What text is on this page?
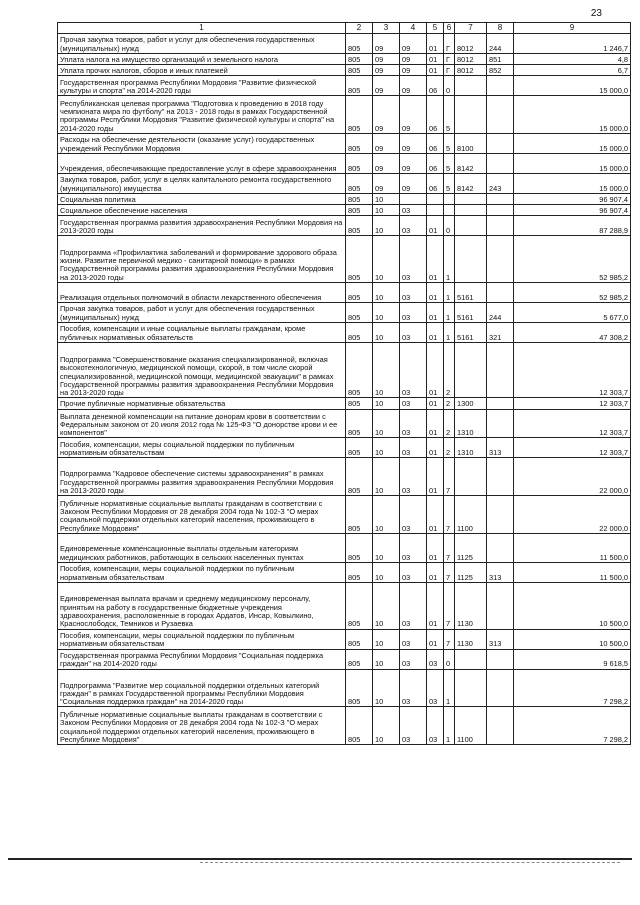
23
1	2	3	4	5	6	7	8	9
Прочая закупка товаров, работ и услуг для обеспечения государственных (муниципальных) нужд	805	09	09	01	Г	8012	244	1 246,7
Уплата налога на имущество организаций и земельного налога	805	09	09	01	Г	8012	851	4,8
Уплата прочих налогов, сборов и иных платежей	805	09	09	01	Г	8012	852	6,7
Государственная программа Республики Мордовия "Развитие физической культуры и спорта" на 2014-2020 годы	805	09	09	06	0			15 000,0
Республиканская целевая программа "Подготовка к проведению в 2018 году чемпионата мира по футболу" на 2013 - 2018 годы в рамках Государственной программы Республики Мордовия "Развитие физической культуры и спорта" на 2014-2020 годы	805	09	09	06	5			15 000,0
Расходы на обеспечение деятельности (оказание услуг) государственных учреждений Республики Мордовия	805	09	09	06	5	8100		15 000,0
Учреждения, обеспечивающие предоставление услуг в сфере здравоохранения	805	09	09	06	5	8142		15 000,0
Закупка товаров, работ, услуг в целях капитального ремонта государственного (муниципального) имущества	805	09	09	06	5	8142	243	15 000,0
Социальная политика	805	10						96 907,4
Социальное обеспечение населения	805	10	03					96 907,4
Государственная программа развития здравоохранения Республики Мордовия на 2013-2020 годы	805	10	03	01	0			87 288,9
Подпрограмма «Профилактика заболеваний и формирование здорового образа жизни. Развитие первичной медико - санитарной помощи» в рамках Государственной программы развития здравоохранения Республики Мордовия на 2013-2020 годы	805	10	03	01	1			52 985,2
Реализация отдельных полномочий в области лекарственного обеспечения	805	10	03	01	1	5161		52 985,2
Прочая закупка товаров, работ и услуг для обеспечения государственных (муниципальных) нужд	805	10	03	01	1	5161	244	5 677,0
Пособия, компенсации и иные социальные выплаты гражданам, кроме публичных нормативных обязательств	805	10	03	01	1	5161	321	47 308,2
Подпрограмма "Совершенствование оказания специализированной, включая высокотехнологичную, медицинской помощи, скорой, в том числе скорой специализированной, медицинской помощи, медицинской эвакуации" в рамках Государственной программы развития здравоохранения Республики Мордовия на 2013-2020 годы	805	10	03	01	2			12 303,7
Прочие публичные нормативные обязательства	805	10	03	01	2	1300		12 303,7
Выплата денежной компенсации на питание донорам крови в соответствии с Федеральным законом от 20 июля 2012 года № 125-ФЗ "О донорстве крови и ее компонентов"	805	10	03	01	2	1310		12 303,7
Пособия, компенсации, меры социальной поддержки по публичным нормативным обязательствам	805	10	03	01	2	1310	313	12 303,7
Подпрограмма "Кадровое обеспечение системы здравоохранения" в рамках Государственной программы развития здравоохранения Республики Мордовия на 2013-2020 годы	805	10	03	01	7			22 000,0
Публичные нормативные социальные выплаты гражданам в соответствии с Законом Республики Мордовия от 28 декабря 2004 года № 102-З "О мерах социальной поддержки отдельных категорий населения, проживающего в Республике Мордовия"	805	10	03	01	7	1100		22 000,0
Единовременные компенсационные выплаты отдельным категориям медицинских работников, работающих в сельских населенных пунктах	805	10	03	01	7	1125		11 500,0
Пособия, компенсации, меры социальной поддержки по публичным нормативным обязательствам	805	10	03	01	7	1125	313	11 500,0
Единовременная выплата врачам и среднему медицинскому персоналу, принятым на работу в государственные бюджетные учреждения здравоохранения, расположенные в городах Ардатов, Инсар, Ковылкино, Краснослободск, Темников и Рузаевка	805	10	03	01	7	1130		10 500,0
Пособия, компенсации, меры социальной поддержки по публичным нормативным обязательствам	805	10	03	01	7	1130	313	10 500,0
Государственная программа Республики Мордовия "Социальная поддержка граждан" на 2014-2020 годы	805	10	03	03	0			9 618,5
Подпрограмма "Развитие мер социальной поддержки отдельных категорий граждан" в рамках Государственной программы Республики Мордовия "Социальная поддержка граждан" на 2014-2020 годы	805	10	03	03	1			7 298,2
Публичные нормативные социальные выплаты гражданам в соответствии с Законом Республики Мордовия от 28 декабря 2004 года № 102-З "О мерах социальной поддержки отдельных категорий населения, проживающего в Республике Мордовия"	805	10	03	03	1	1100		7 298,2
